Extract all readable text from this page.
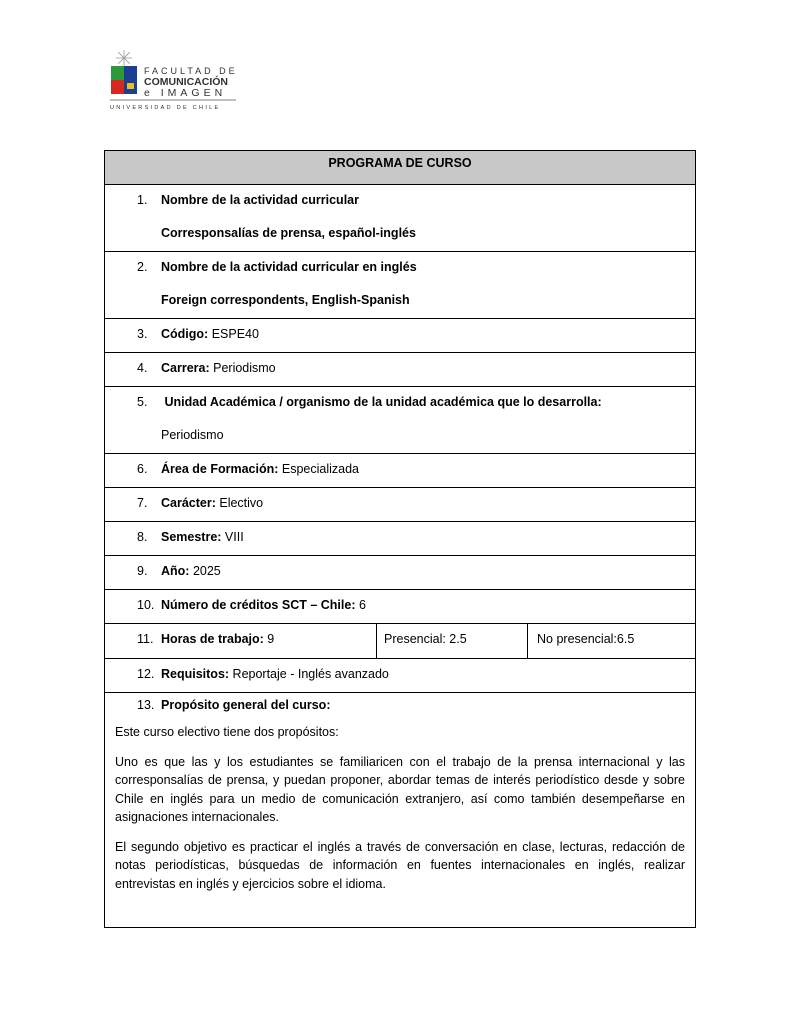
FACULTAD DE
COMUNICACIÓN
e IMAGEN
UNIVERSIDAD DE CHILE
PROGRAMA DE CURSO
1. Nombre de la actividad curricular
Corresponsalías de prensa, español-inglés
2. Nombre de la actividad curricular en inglés
Foreign correspondents, English-Spanish
3. Código: ESPE40
4. Carrera: Periodismo
5. Unidad Académica / organismo de la unidad académica que lo desarrolla:
Periodismo
6. Área de Formación: Especializada
7. Carácter: Electivo
8. Semestre: VIII
9. Año: 2025
10. Número de créditos SCT – Chile: 6
11. Horas de trabajo: 9	Presencial: 2.5	No presencial:6.5
12. Requisitos: Reportaje - Inglés avanzado
13. Propósito general del curso:

Este curso electivo tiene dos propósitos:

Uno es que las y los estudiantes se familiaricen con el trabajo de la prensa internacional y las corresponsalías de prensa, y puedan proponer, abordar temas de interés periodístico desde y sobre Chile en inglés para un medio de comunicación extranjero, así como también desempeñarse en asignaciones internacionales.

El segundo objetivo es practicar el inglés a través de conversación en clase, lecturas, redacción de notas periodísticas, búsquedas de información en fuentes internacionales en inglés, realizar entrevistas en inglés y ejercicios sobre el idioma.
